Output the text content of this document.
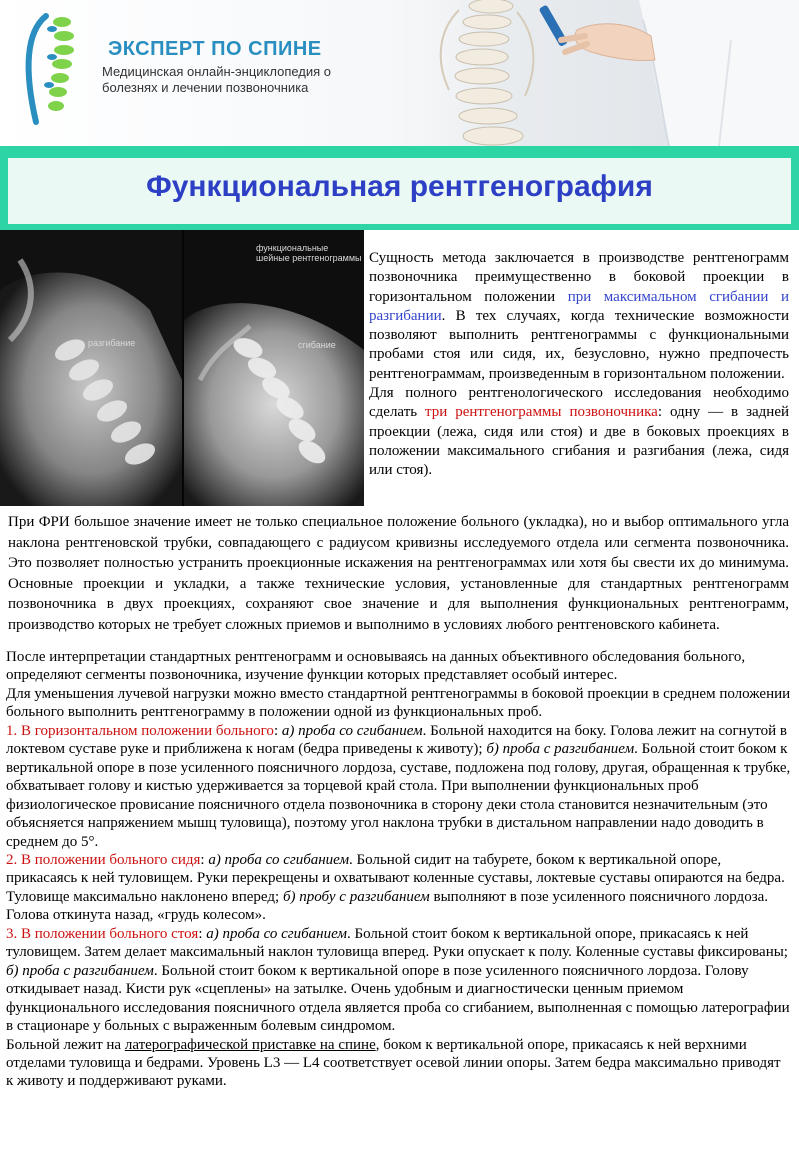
ЭКСПЕРТ ПО СПИНЕ
Медицинская онлайн-энциклопедия о
болезнях и лечении позвоночника
Функциональная рентгенография
функциональные
шейные рентгенограммы
разгибание	сгибание

Сущность метода заключается в производстве рентгенограмм позвоночника преимущественно в боковой проекции в горизонтальном положении при максимальном сгибании и разгибании. В тех случаях, когда технические возможности позволяют выполнить рентгенограммы с функциональными пробами стоя или сидя, их, безусловно, нужно предпочесть рентгенограммам, произведенным в горизонтальном положении.

Для полного рентгенологического исследования необходимо сделать три рентгенограммы позвоночника: одну — в задней проекции (лежа, сидя или стоя) и две в боковых проекциях в положении максимального сгибания и разгибания (лежа, сидя или стоя).

При ФРИ большое значение имеет не только специальное положение больного (укладка), но и выбор оптимального угла наклона рентгеновской трубки, совпадающего с радиусом кривизны исследуемого отдела или сегмента позвоночника. Это позволяет полностью устранить проекционные искажения на рентгенограммах или хотя бы свести их до минимума. Основные проекции и укладки, а также технические условия, установленные для стандартных рентгенограмм позвоночника в двух проекциях, сохраняют свое значение и для выполнения функциональных рентгенограмм, производство которых не требует сложных приемов и выполнимо в условиях любого рентгеновского кабинета.

После интерпретации стандартных рентгенограмм и основываясь на данных объективного обследования больного, определяют сегменты позвоночника, изучение функции которых представляет особый интерес.

Для уменьшения лучевой нагрузки можно вместо стандартной рентгенограммы в боковой проекции в среднем положении больного выполнить рентгенограмму в положении одной из функциональных проб.

1. В горизонтальном положении больного: а) проба со сгибанием. Больной находится на боку. Голова лежит на согнутой в локтевом суставе руке и приближена к ногам (бедра приведены к животу); б) проба с разгибанием. Больной стоит боком к вертикальной опоре в позе усиленного поясничного лордоза, суставе, подложена под голову, другая, обращенная к трубке, обхватывает голову и кистью удерживается за торцевой край стола. При выполнении функциональных проб физиологическое провисание поясничного отдела позвоночника в сторону деки стола становится незначительным (это объясняется напряжением мышц туловища), поэтому угол наклона трубки в дистальном направлении надо доводить в среднем до 5°.

2. В положении больного сидя: а) проба со сгибанием. Больной сидит на табурете, боком к вертикальной опоре, прикасаясь к ней туловищем. Руки перекрещены и охватывают коленные суставы, локтевые суставы опираются на бедра. Туловище максимально наклонено вперед; б) пробу с разгибанием выполняют в позе усиленного поясничного лордоза. Голова откинута назад, «грудь колесом».

3. В положении больного стоя: а) проба со сгибанием. Больной стоит боком к вертикальной опоре, прикасаясь к ней туловищем. Затем делает максимальный наклон туловища вперед. Руки опускает к полу. Коленные суставы фиксированы; б) проба с разгибанием. Больной стоит боком к вертикальной опоре в позе усиленного поясничного лордоза. Голову откидывает назад. Кисти рук «сцеплены» на затылке. Очень удобным и диагностически ценным приемом функционального исследования поясничного отдела является проба со сгибанием, выполненная с помощью латерографии в стационаре у больных с выраженным болевым синдромом.

Больной лежит на латерографической приставке на спине, боком к вертикальной опоре, прикасаясь к ней верхними отделами туловища и бедрами. Уровень L3 — L4 соответствует осевой линии опоры. Затем бедра максимально приводят к животу и поддерживают руками.
